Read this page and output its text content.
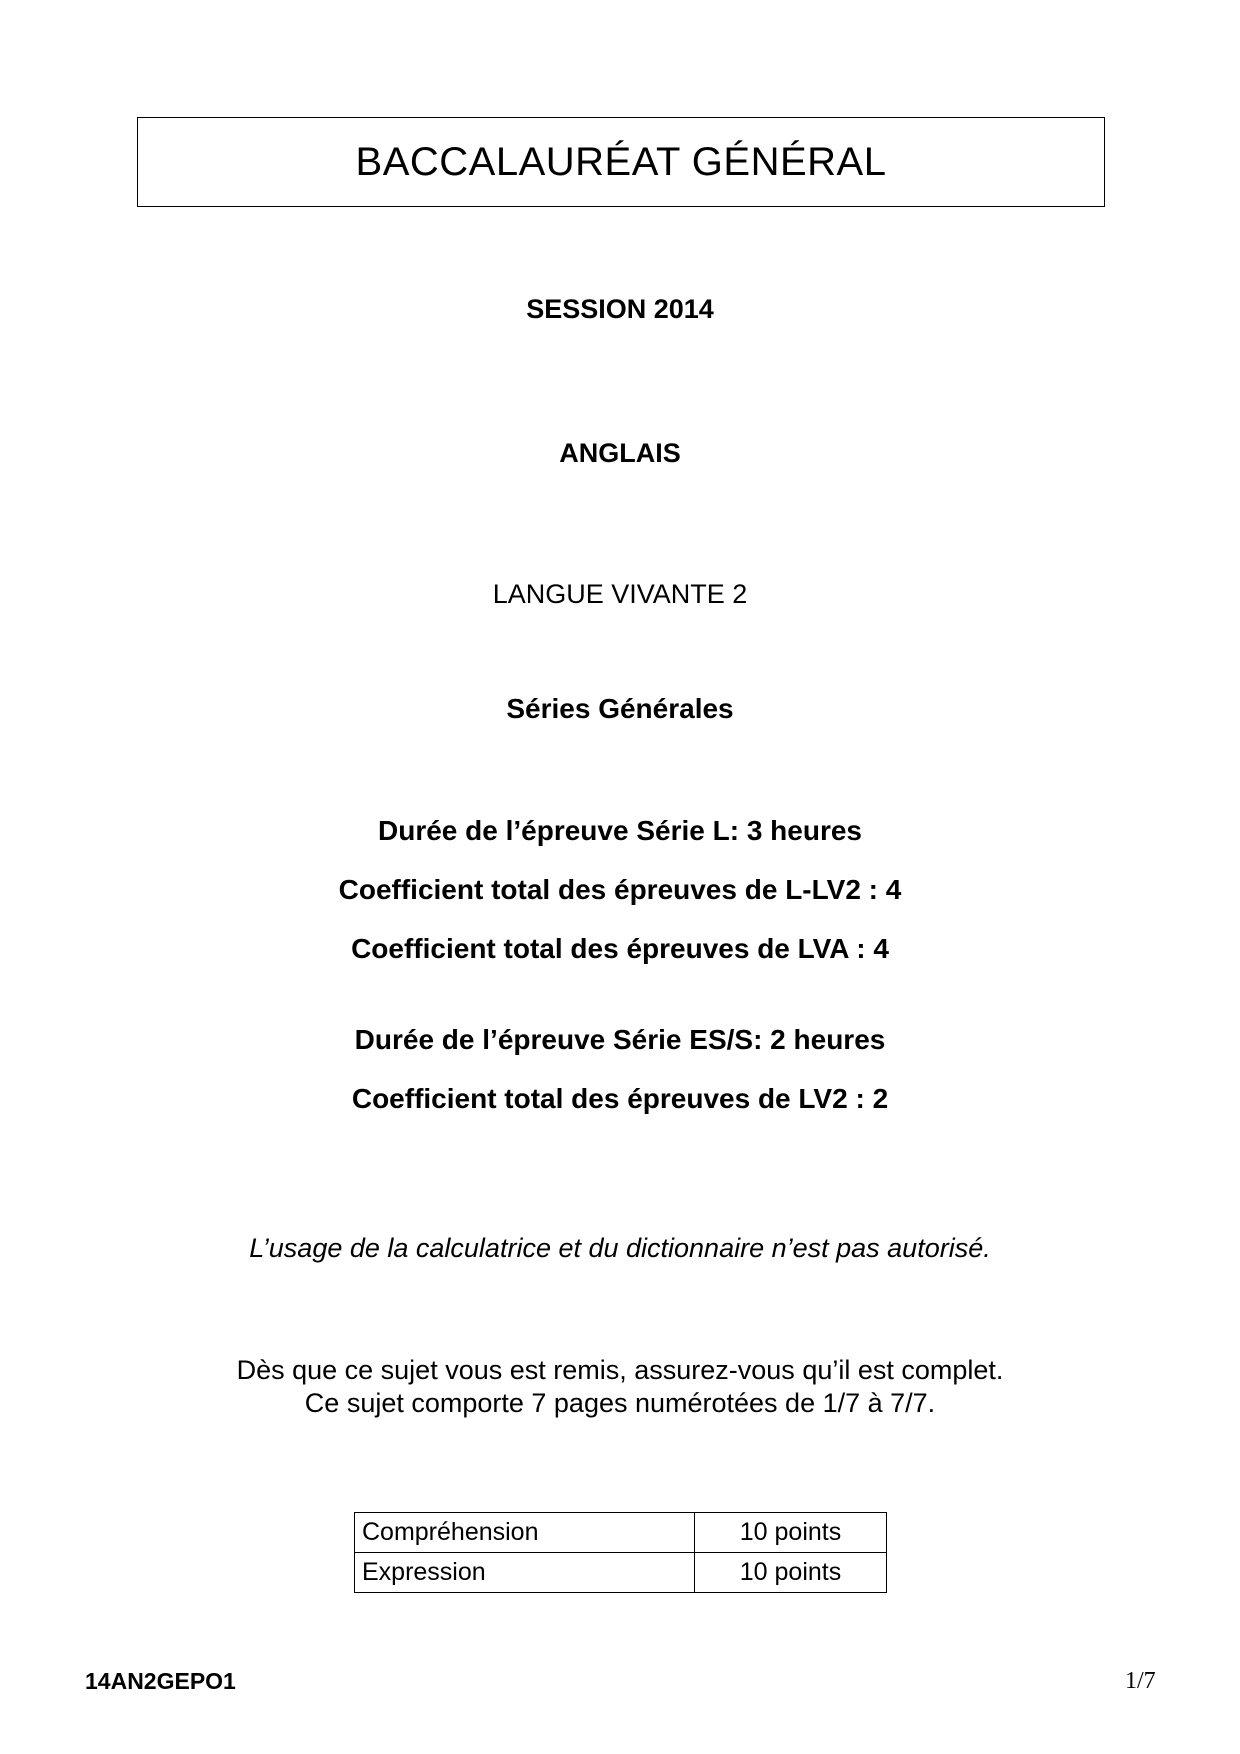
BACCALAURÉAT GÉNÉRAL
SESSION 2014
ANGLAIS
LANGUE VIVANTE 2
Séries Générales
Durée de l’épreuve Série L: 3 heures
Coefficient total des épreuves de L-LV2 : 4
Coefficient total des épreuves de LVA : 4
Durée de l’épreuve Série ES/S: 2 heures
Coefficient total des épreuves de LV2 : 2
L’usage de la calculatrice et du dictionnaire n’est pas autorisé.
Dès que ce sujet vous est remis, assurez-vous qu’il est complet.
Ce sujet comporte 7 pages numérotées de 1/7 à 7/7.
Compréhension	10 points
Expression	10 points
14AN2GEPO1	1/7
